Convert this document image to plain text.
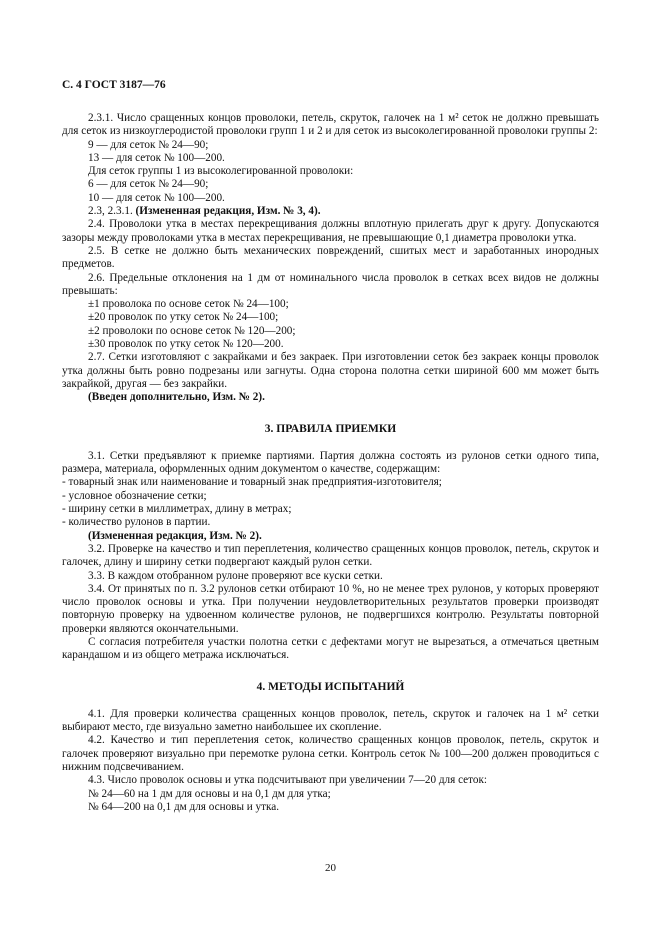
С. 4 ГОСТ 3187—76

2.3.1. Число сращенных концов проволоки, петель, скруток, галочек на 1 м² сеток не должно превышать для сеток из низкоуглеродистой проволоки групп 1 и 2 и для сеток из высоколегированной проволоки группы 2:

9 — для сеток № 24—90;

13 — для сеток № 100—200.

Для сеток группы 1 из высоколегированной проволоки:

6 — для сеток № 24—90;

10 — для сеток № 100—200.

2.3, 2.3.1. (Измененная редакция, Изм. № 3, 4).

2.4. Проволоки утка в местах перекрещивания должны вплотную прилегать друг к другу. Допускаются зазоры между проволоками утка в местах перекрещивания, не превышающие 0,1 диаметра проволоки утка.

2.5. В сетке не должно быть механических повреждений, сшитых мест и заработанных инородных предметов.

2.6. Предельные отклонения на 1 дм от номинального числа проволок в сетках всех видов не должны превышать:

±1 проволока по основе сеток № 24—100;

±20 проволок по утку сеток № 24—100;

±2 проволоки по основе сеток № 120—200;

±30 проволок по утку сеток № 120—200.

2.7. Сетки изготовляют с закрайками и без закраек. При изготовлении сеток без закраек концы проволок утка должны быть ровно подрезаны или загнуты. Одна сторона полотна сетки шириной 600 мм может быть закрайкой, другая — без закрайки.

(Введен дополнительно, Изм. № 2).

3. ПРАВИЛА ПРИЕМКИ

3.1. Сетки предъявляют к приемке партиями. Партия должна состоять из рулонов сетки одного типа, размера, материала, оформленных одним документом о качестве, содержащим:

- товарный знак или наименование и товарный знак предприятия-изготовителя;

- условное обозначение сетки;

- ширину сетки в миллиметрах, длину в метрах;

- количество рулонов в партии.

(Измененная редакция, Изм. № 2).

3.2. Проверке на качество и тип переплетения, количество сращенных концов проволок, петель, скруток и галочек, длину и ширину сетки подвергают каждый рулон сетки.

3.3. В каждом отобранном рулоне проверяют все куски сетки.

3.4. От принятых по п. 3.2 рулонов сетки отбирают 10 %, но не менее трех рулонов, у которых проверяют число проволок основы и утка. При получении неудовлетворительных результатов проверки производят повторную проверку на удвоенном количестве рулонов, не подвергшихся контролю. Результаты повторной проверки являются окончательными.

С согласия потребителя участки полотна сетки с дефектами могут не вырезаться, а отмечаться цветным карандашом и из общего метража исключаться.

4. МЕТОДЫ ИСПЫТАНИЙ

4.1. Для проверки количества сращенных концов проволок, петель, скруток и галочек на 1 м² сетки выбирают место, где визуально заметно наибольшее их скопление.

4.2. Качество и тип переплетения сеток, количество сращенных концов проволок, петель, скруток и галочек проверяют визуально при перемотке рулона сетки. Контроль сеток № 100—200 должен проводиться с нижним подсвечиванием.

4.3. Число проволок основы и утка подсчитывают при увеличении 7—20 для сеток:

№ 24—60 на 1 дм для основы и на 0,1 дм для утка;

№ 64—200 на 0,1 дм для основы и утка.

20
